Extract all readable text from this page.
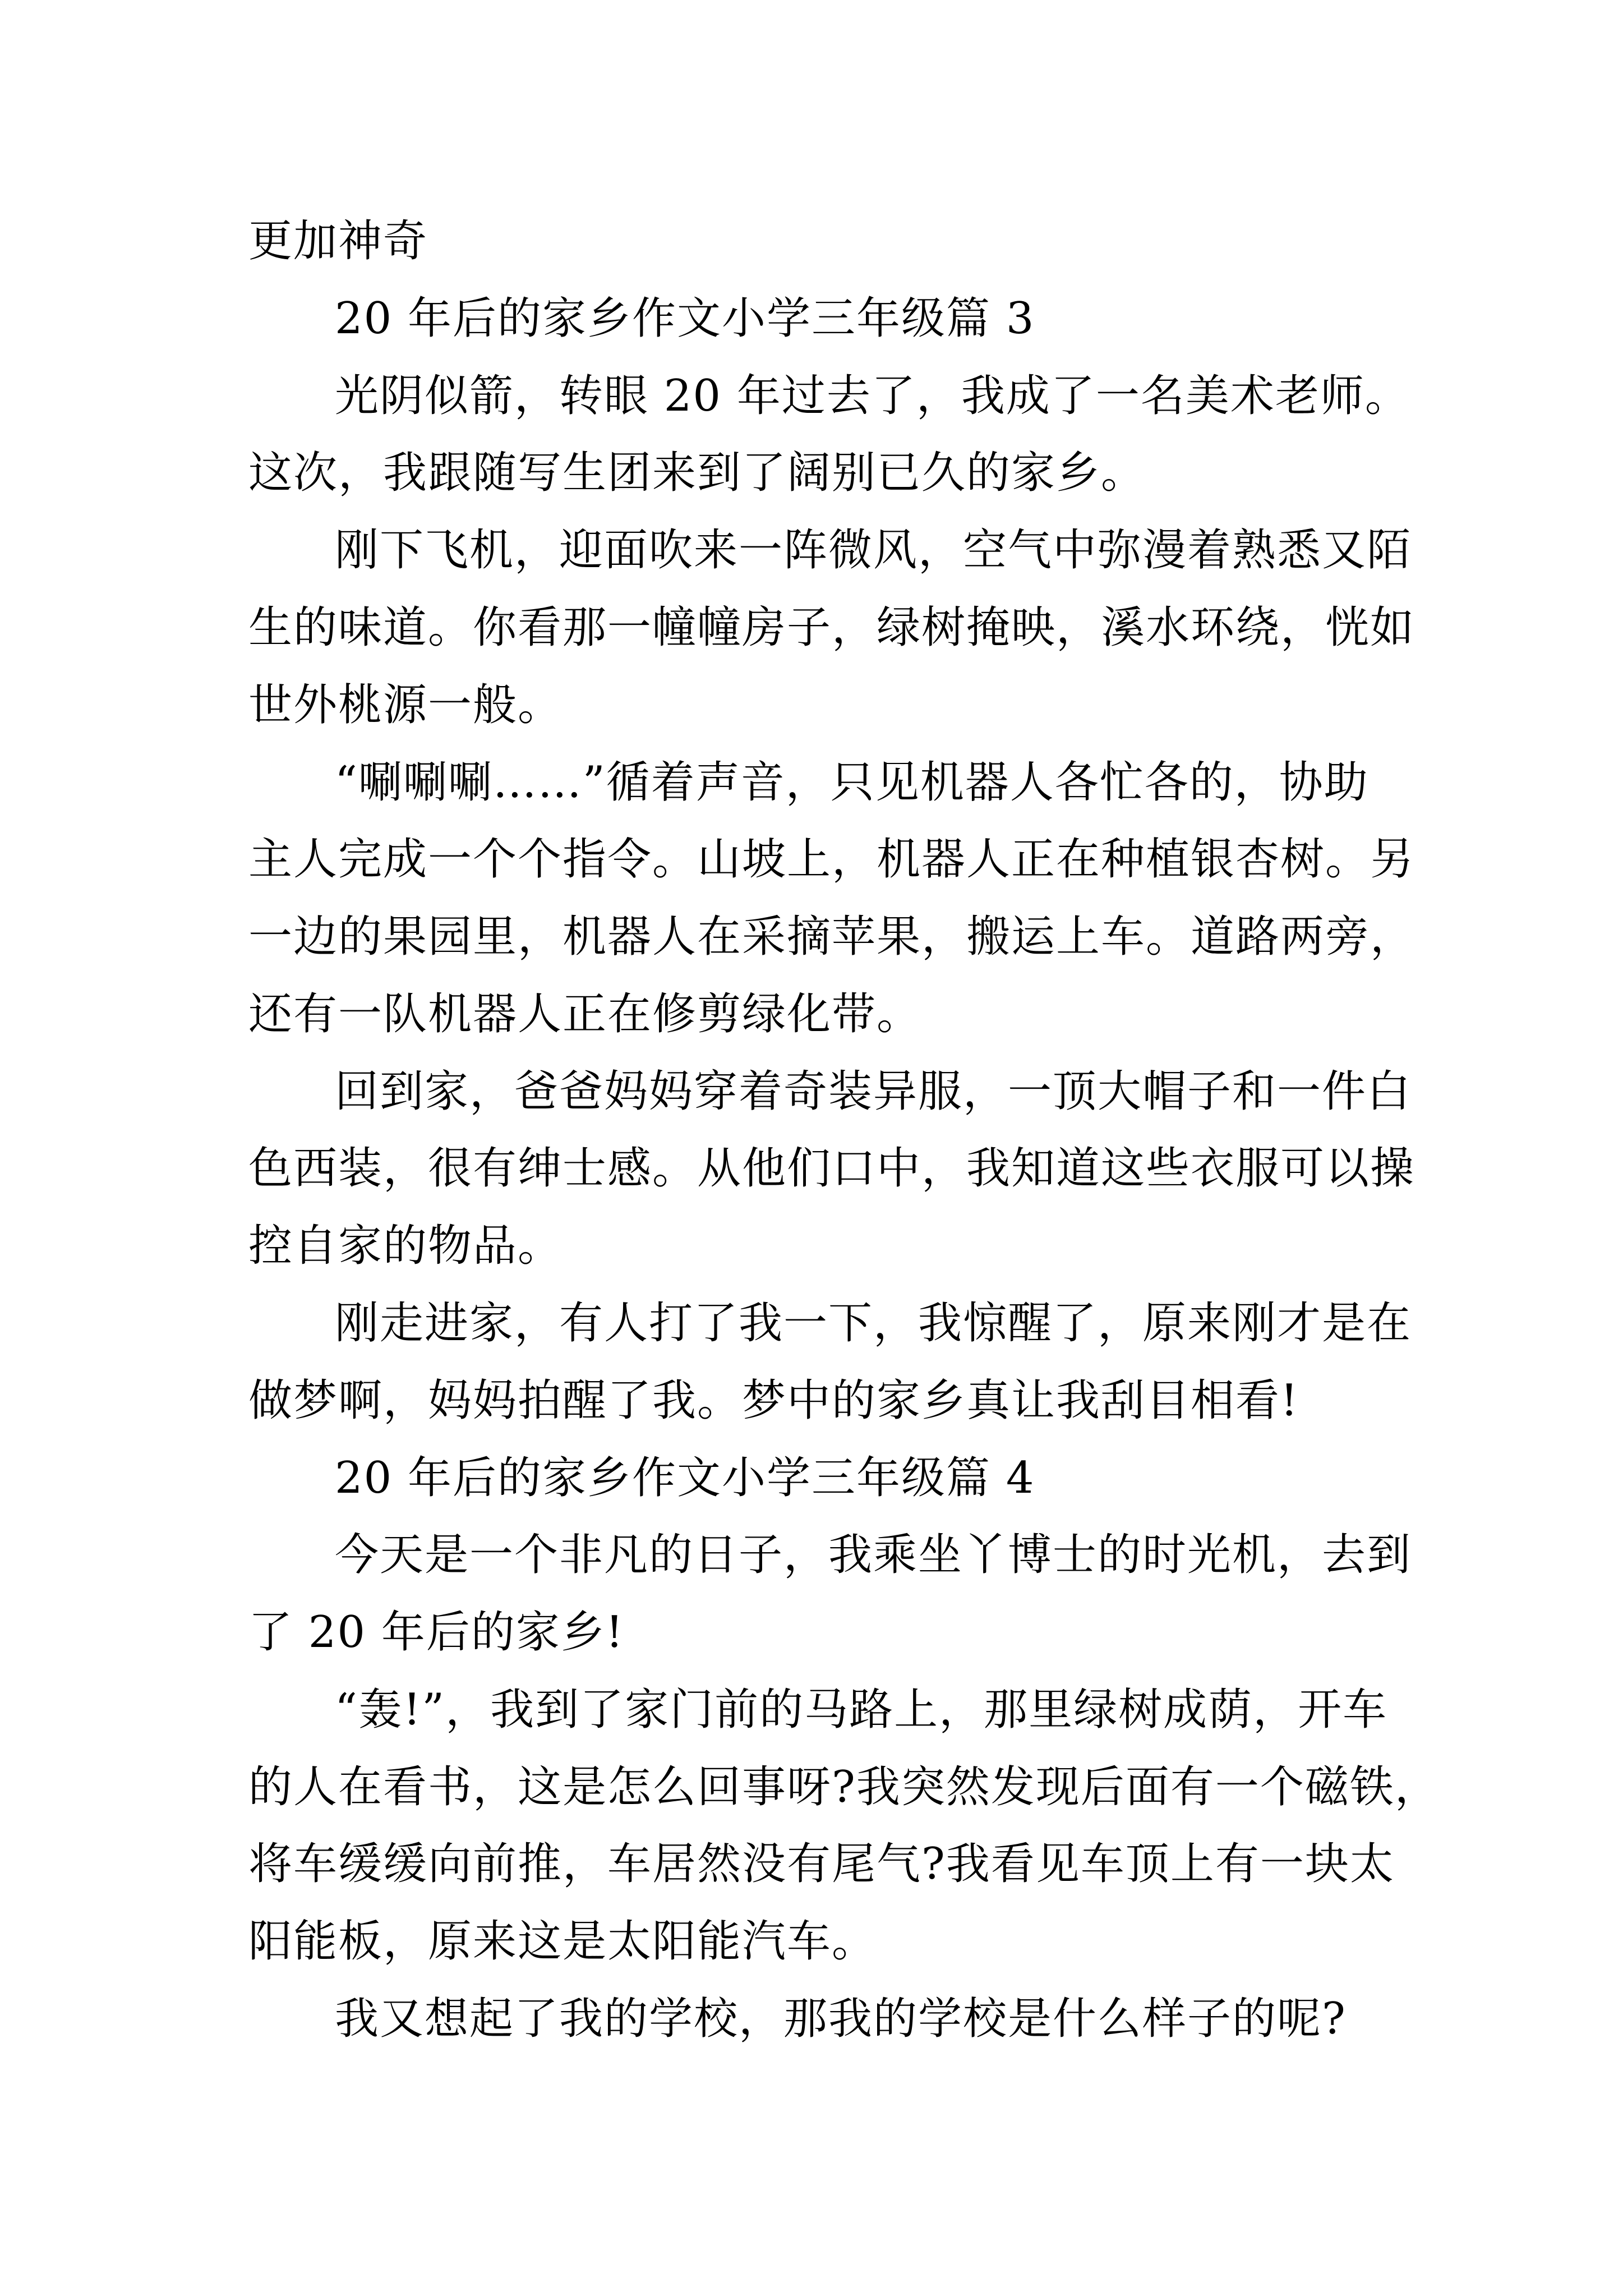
更加神奇
20 年后的家乡作文小学三年级篇 3
光阴似箭，转眼 20 年过去了，我成了一名美术老师。
这次，我跟随写生团来到了阔别已久的家乡。
刚下飞机，迎面吹来一阵微风，空气中弥漫着熟悉又陌
生的味道。你看那一幢幢房子，绿树掩映，溪水环绕，恍如
世外桃源一般。
“唰唰唰……”循着声音，只见机器人各忙各的，协助
主人完成一个个指令。山坡上，机器人正在种植银杏树。另
一边的果园里，机器人在采摘苹果，搬运上车。道路两旁，
还有一队机器人正在修剪绿化带。
回到家，爸爸妈妈穿着奇装异服，一顶大帽子和一件白
色西装，很有绅士感。从他们口中，我知道这些衣服可以操
控自家的物品。
刚走进家，有人打了我一下，我惊醒了，原来刚才是在
做梦啊，妈妈拍醒了我。梦中的家乡真让我刮目相看!
20 年后的家乡作文小学三年级篇 4
今天是一个非凡的日子，我乘坐丫博士的时光机，去到
了 20 年后的家乡!
“轰!”，我到了家门前的马路上，那里绿树成荫，开车
的人在看书，这是怎么回事呀?我突然发现后面有一个磁铁，
将车缓缓向前推，车居然没有尾气?我看见车顶上有一块太
阳能板，原来这是太阳能汽车。
我又想起了我的学校，那我的学校是什么样子的呢?
